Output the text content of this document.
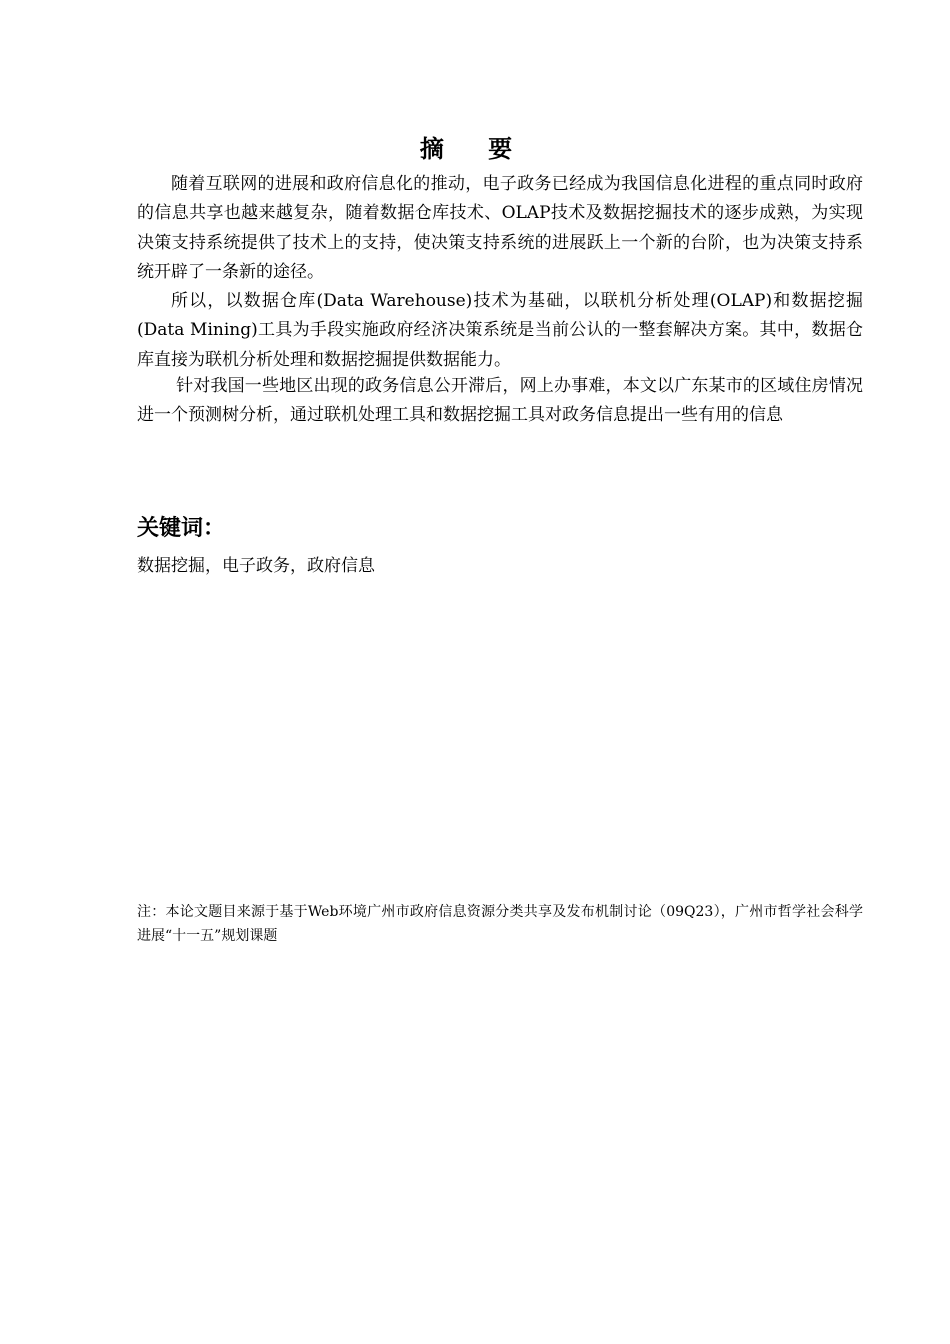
摘 要

随着互联网的进展和政府信息化的推动，电子政务已经成为我国信息化进程的重点同时政府的信息共享也越来越复杂，随着数据仓库技术、OLAP技术及数据挖掘技术的逐步成熟，为实现决策支持系统提供了技术上的支持，使决策支持系统的进展跃上一个新的台阶，也为决策支持系统开辟了一条新的途径。

所以，以数据仓库(Data Warehouse)技术为基础，以联机分析处理(OLAP)和数据挖掘(Data Mining)工具为手段实施政府经济决策系统是当前公认的一整套解决方案。其中，数据仓库直接为联机分析处理和数据挖掘提供数据能力。

针对我国一些地区出现的政务信息公开滞后，网上办事难，本文以广东某市的区域住房情况进一个预测树分析，通过联机处理工具和数据挖掘工具对政务信息提出一些有用的信息

关键词：
数据挖掘，电子政务，政府信息
注：本论文题目来源于基于Web环境广州市政府信息资源分类共享及发布机制讨论（09Q23），广州市哲学社会科学进展“十一五”规划课题
